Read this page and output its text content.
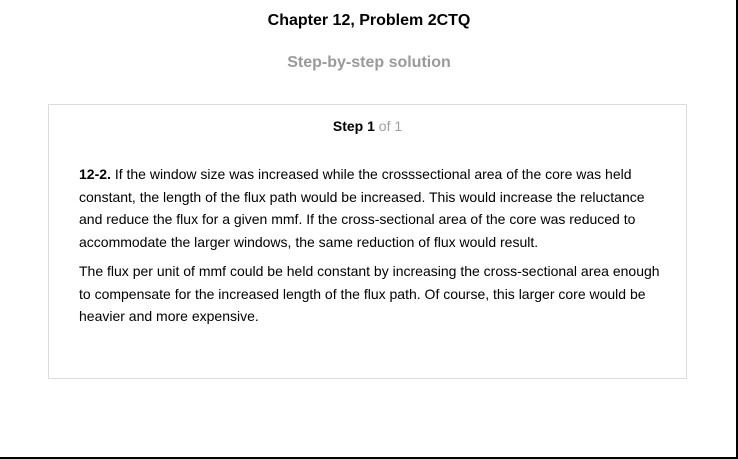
Chapter 12, Problem 2CTQ
Step-by-step solution
Step 1 of 1

12-2. If the window size was increased while the crosssectional area of the core was held constant, the length of the flux path would be increased. This would increase the reluctance and reduce the flux for a given mmf. If the cross-sectional area of the core was reduced to accommodate the larger windows, the same reduction of flux would result.

The flux per unit of mmf could be held constant by increasing the cross-sectional area enough to compensate for the increased length of the flux path. Of course, this larger core would be heavier and more expensive.
